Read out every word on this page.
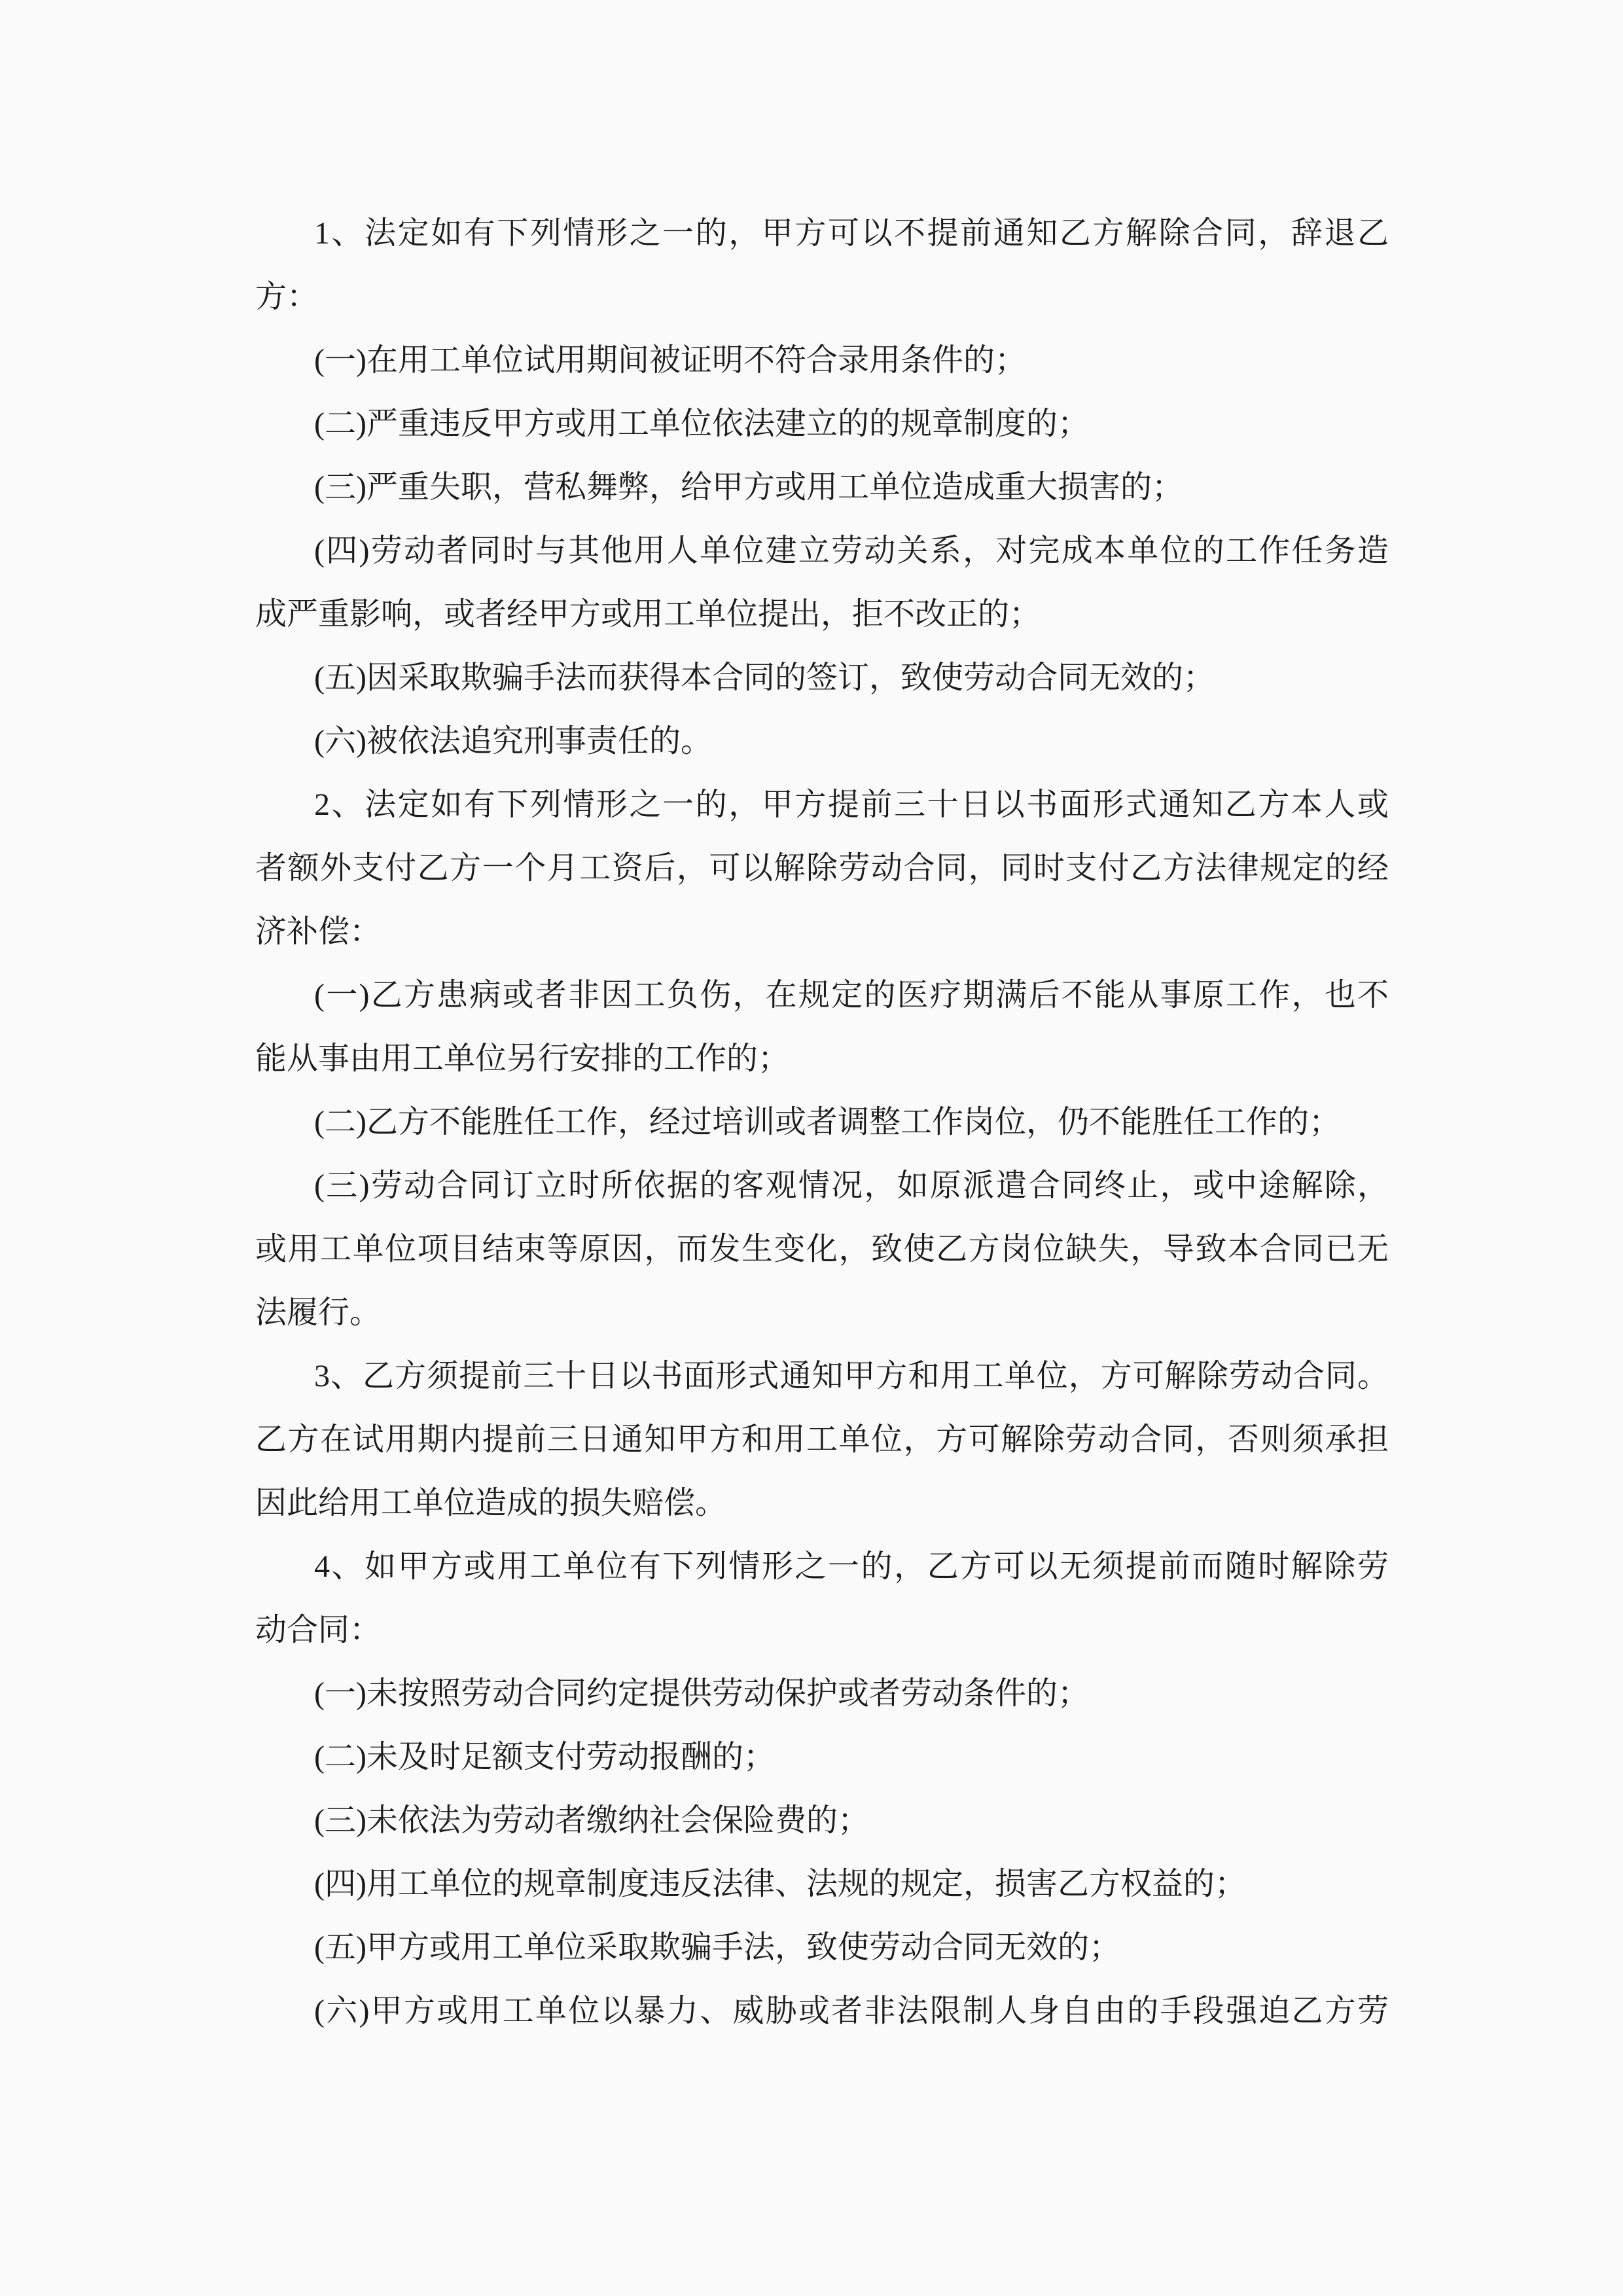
1、法定如有下列情形之一的，甲方可以不提前通知乙方解除合同，辞退乙
方：
(一)在用工单位试用期间被证明不符合录用条件的；
(二)严重违反甲方或用工单位依法建立的的规章制度的；
(三)严重失职，营私舞弊，给甲方或用工单位造成重大损害的；
(四)劳动者同时与其他用人单位建立劳动关系，对完成本单位的工作任务造
成严重影响，或者经甲方或用工单位提出，拒不改正的；
(五)因采取欺骗手法而获得本合同的签订，致使劳动合同无效的；
(六)被依法追究刑事责任的。
2、法定如有下列情形之一的，甲方提前三十日以书面形式通知乙方本人或
者额外支付乙方一个月工资后，可以解除劳动合同，同时支付乙方法律规定的经
济补偿：
(一)乙方患病或者非因工负伤，在规定的医疗期满后不能从事原工作，也不
能从事由用工单位另行安排的工作的；
(二)乙方不能胜任工作，经过培训或者调整工作岗位，仍不能胜任工作的；
(三)劳动合同订立时所依据的客观情况，如原派遣合同终止，或中途解除，
或用工单位项目结束等原因，而发生变化，致使乙方岗位缺失，导致本合同已无
法履行。
3、乙方须提前三十日以书面形式通知甲方和用工单位，方可解除劳动合同。
乙方在试用期内提前三日通知甲方和用工单位，方可解除劳动合同，否则须承担
因此给用工单位造成的损失赔偿。
4、如甲方或用工单位有下列情形之一的，乙方可以无须提前而随时解除劳
动合同：
(一)未按照劳动合同约定提供劳动保护或者劳动条件的；
(二)未及时足额支付劳动报酬的；
(三)未依法为劳动者缴纳社会保险费的；
(四)用工单位的规章制度违反法律、法规的规定，损害乙方权益的；
(五)甲方或用工单位采取欺骗手法，致使劳动合同无效的；
(六)甲方或用工单位以暴力、威胁或者非法限制人身自由的手段强迫乙方劳
